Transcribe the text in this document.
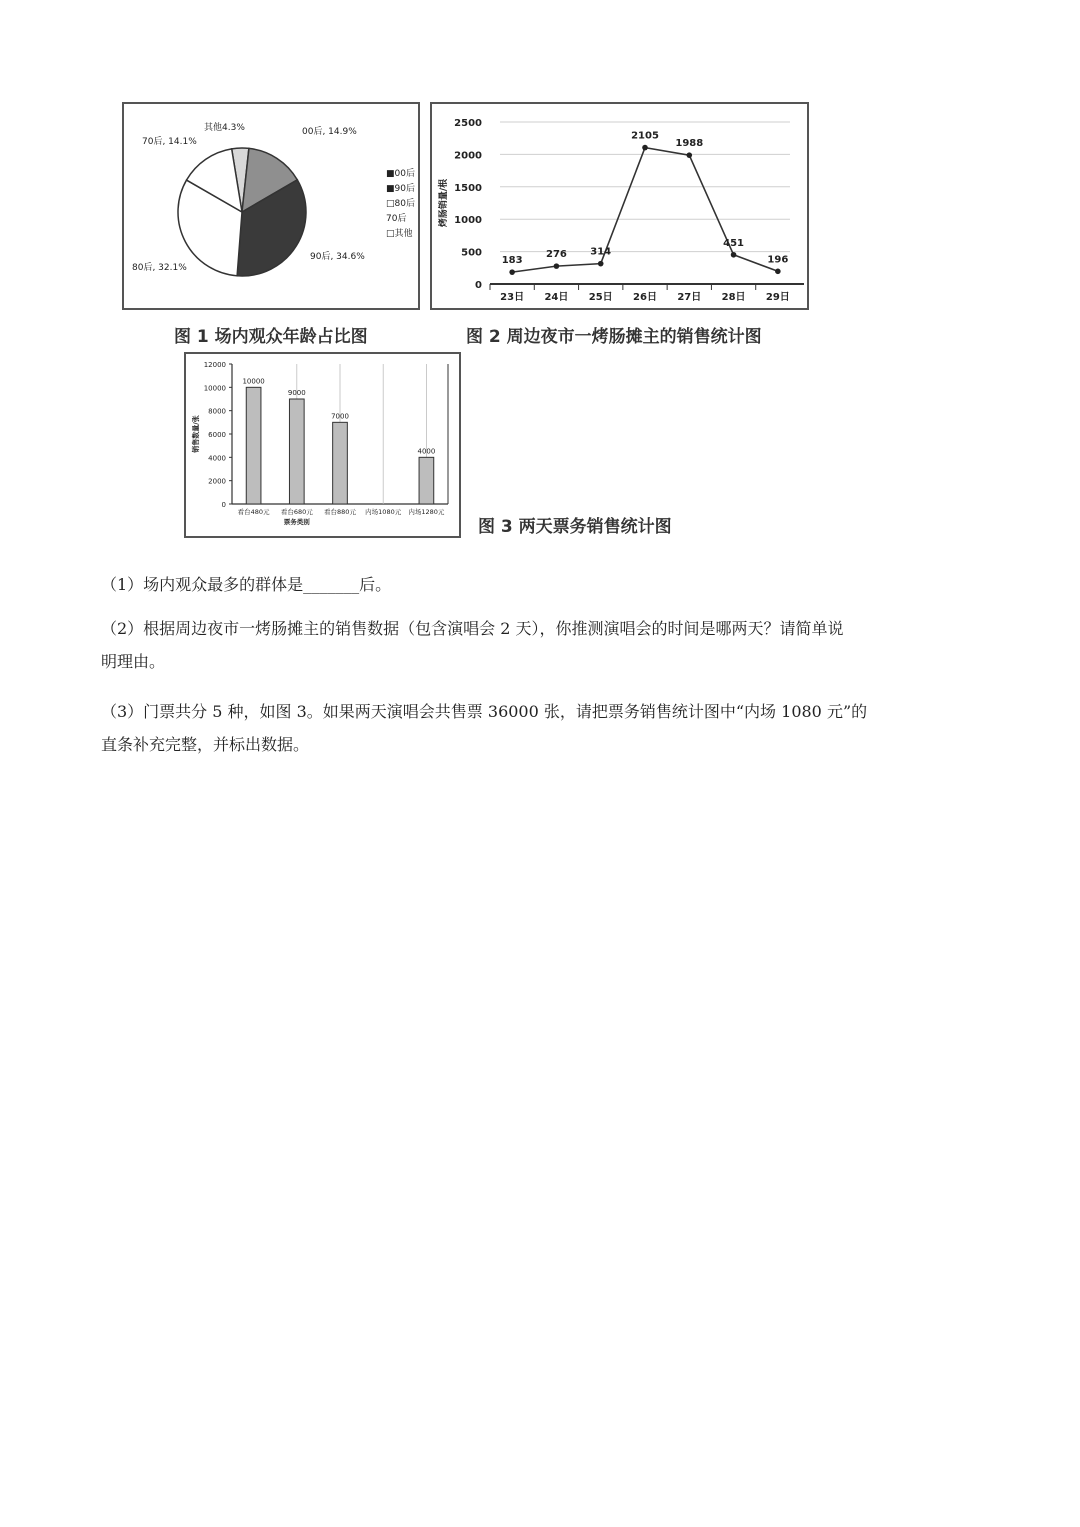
其他4.3%	00后, 14.9%
90后, 34.6%
80后, 32.1%
70后, 14.1%
■00后
■90后
□80后
70后
□其他
图 1 场内观众年龄占比图
0
500
1000
1500
2000
2500
烤肠销量/根
23日 24日 25日 26日 27日 28日 29日
183
276 314
2105
1988
451
196
图 2 周边夜市一烤肠摊主的销售统计图
0
2000
4000
6000
8000
10000
12000
销售数量/张
10000
看台480元
9000
看台680元
7000
看台880元 内场1080元
4000
内场1280元
票务类别	图 3 两天票务销售统计图
（1）场内观众最多的群体是_______后。
（2）根据周边夜市一烤肠摊主的销售数据（包含演唱会 2 天），你推测演唱会的时间是哪两天？请简单说
明理由。
（3）门票共分 5 种，如图 3。如果两天演唱会共售票 36000 张，请把票务销售统计图中“内场 1080 元”的
直条补充完整，并标出数据。
